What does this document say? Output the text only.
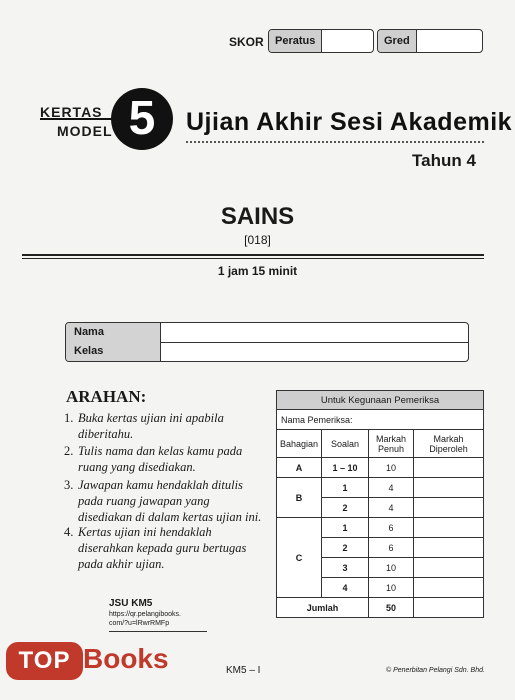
SKOR	Peratus	Gred
KERTAS
MODEL 5	Ujian Akhir Sesi Akademik
Tahun 4
SAINS
[018]
1 jam 15 minit
Nama
Kelas
ARAHAN:
1. Buka kertas ujian ini apabila diberitahu.
2. Tulis nama dan kelas kamu pada ruang yang disediakan.
3. Jawapan kamu hendaklah ditulis pada ruang jawapan yang disediakan di dalam kertas ujian ini.
4. Kertas ujian ini hendaklah diserahkan kepada guru bertugas pada akhir ujian.
Untuk Kegunaan Pemeriksa			
Nama Pemeriksa:			
Bahagian	Soalan	Markah Penuh	Markah Diperoleh
A	1 – 10	10	
B	1	4	
	2	4	
C	1	6	
	2	6	
	3	10	
	4	10	
Jumlah		50	
JSU KM5
https://qr.pelangibooks.
com/?u=lRwrRMFp
TOP Books	KM5 – I	© Penerbitan Pelangi Sdn. Bhd.
